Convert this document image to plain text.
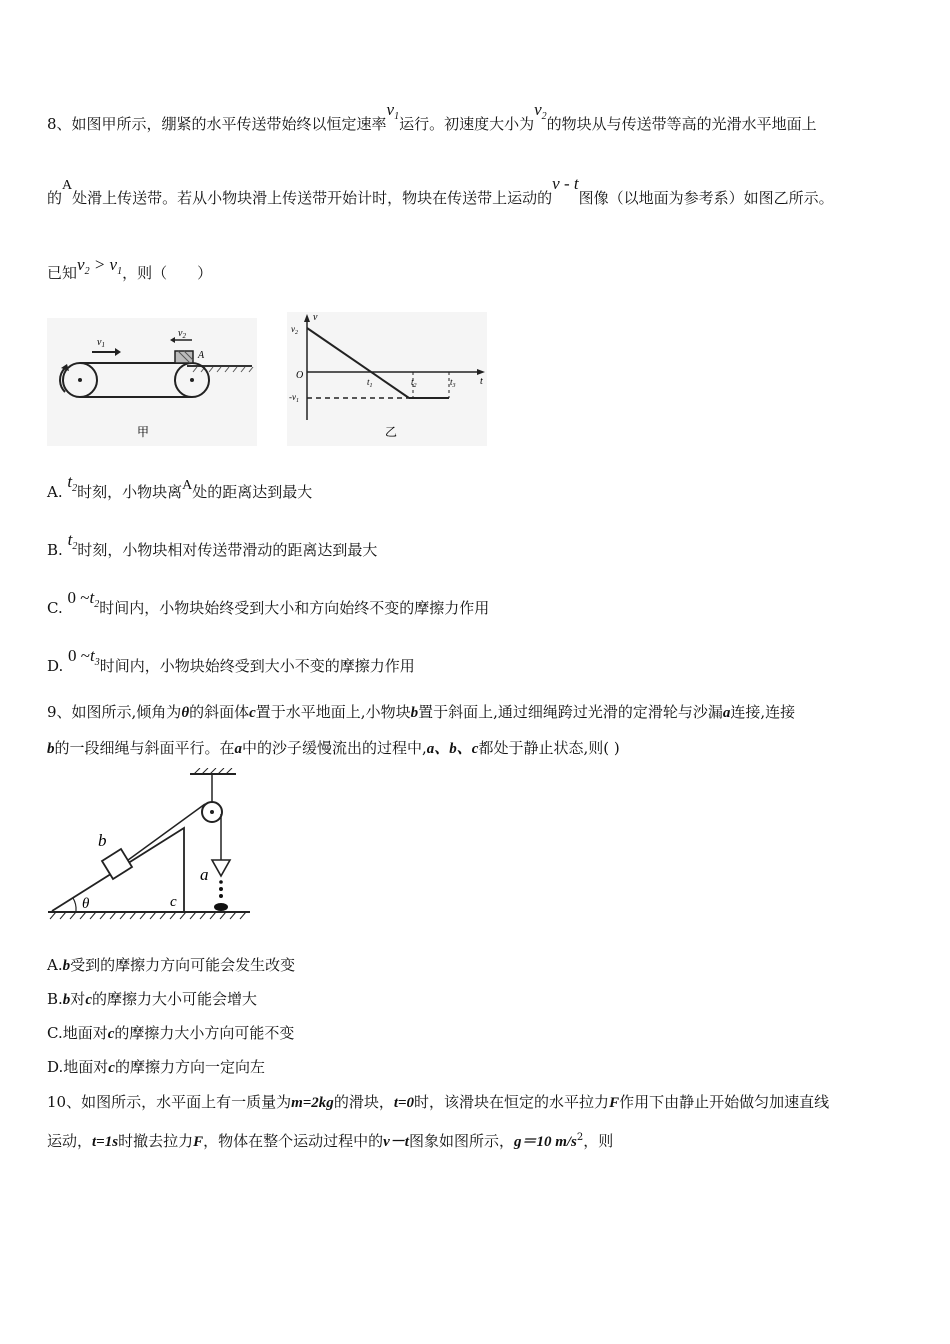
8、如图甲所示，绷紧的水平传送带始终以恒定速率$v_1$运行。初速度大小为$v_2$的物块从与传送带等高的光滑水平地面上
的A处滑上传送带。若从小物块滑上传送带开始计时，物块在传送带上运动的v - t图像（以地面为参考系）如图乙所示。
已知$v_2 > v_1$，则（　　）
$v_1$
$v_2$
A
甲
v
t
O
$v_2$
$-v_1$
$t_1$	$t_2$	$t_3$
乙
A. $t_2$时刻，小物块离A处的距离达到最大
B. $t_2$时刻，小物块相对传送带滑动的距离达到最大
C. 0 $\sim t_2$时间内，小物块始终受到大小和方向始终不变的摩擦力作用
D. 0 $\sim t_3$时间内，小物块始终受到大小不变的摩擦力作用
9、如图所示,倾角为θ的斜面体c置于水平地面上,小物块b置于斜面上,通过细绳跨过光滑的定滑轮与沙漏a连接,连接
b的一段细绳与斜面平行。在a中的沙子缓慢流出的过程中,a、b、c都处于静止状态,则( )
b
a
θ	c
A.b受到的摩擦力方向可能会发生改变
B.b对c的摩擦力大小可能会增大
C.地面对c的摩擦力大小方向可能不变
D.地面对c的摩擦力方向一定向左
10、如图所示，水平面上有一质量为m=2kg的滑块，t=0时，该滑块在恒定的水平拉力F作用下由静止开始做匀加速直线
运动，t=1s时撤去拉力F，物体在整个运动过程中的v－t图象如图所示，g＝10 $m/s^2$，则
